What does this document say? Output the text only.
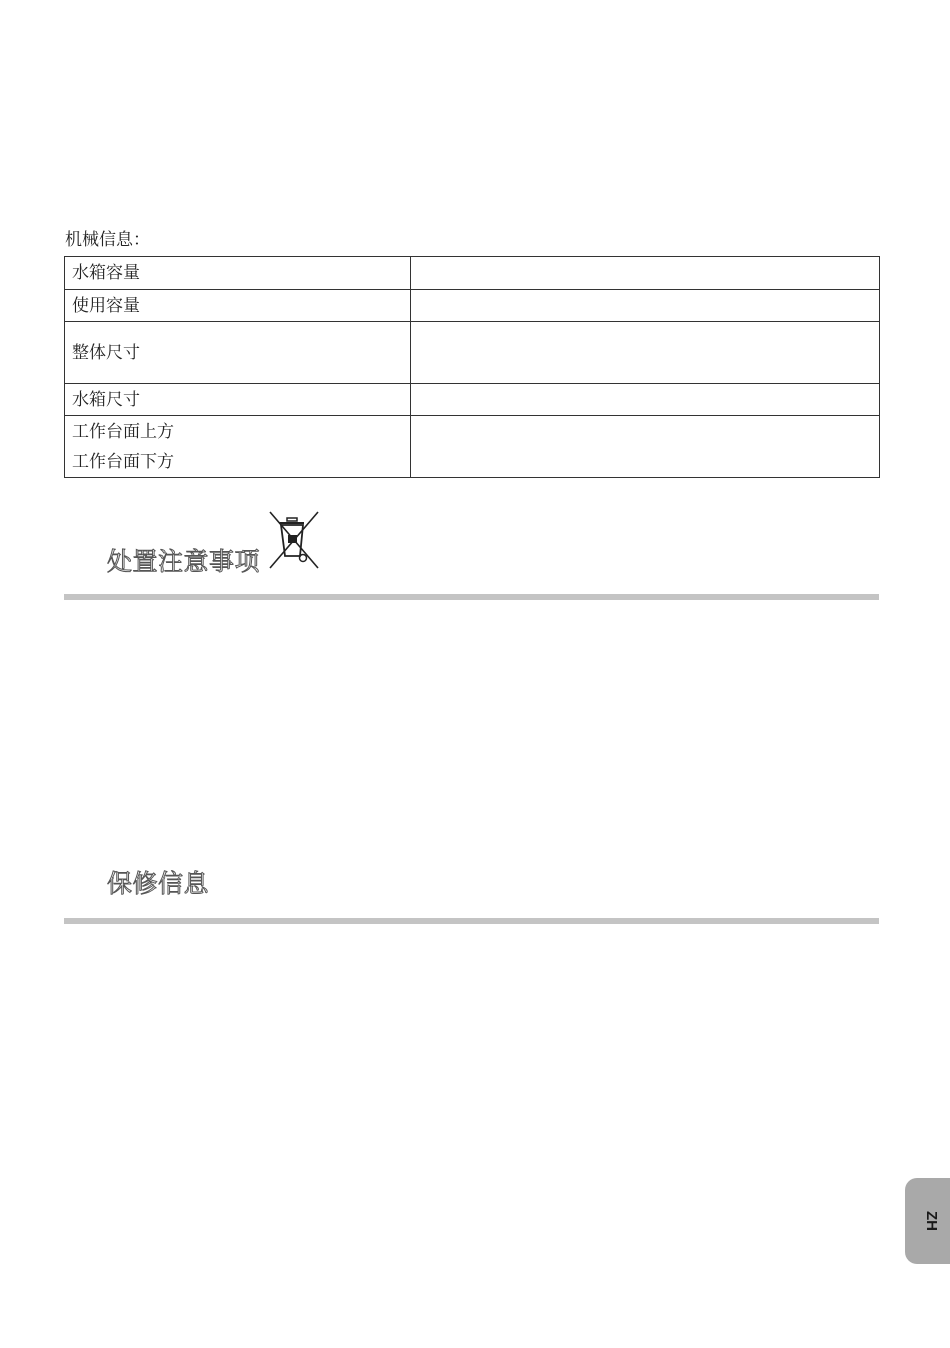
机械信息：
水箱容量	
使用容量	
整体尺寸	
水箱尺寸	
工作台面上方
工作台面下方	

处置注意事项
保修信息
ZH
